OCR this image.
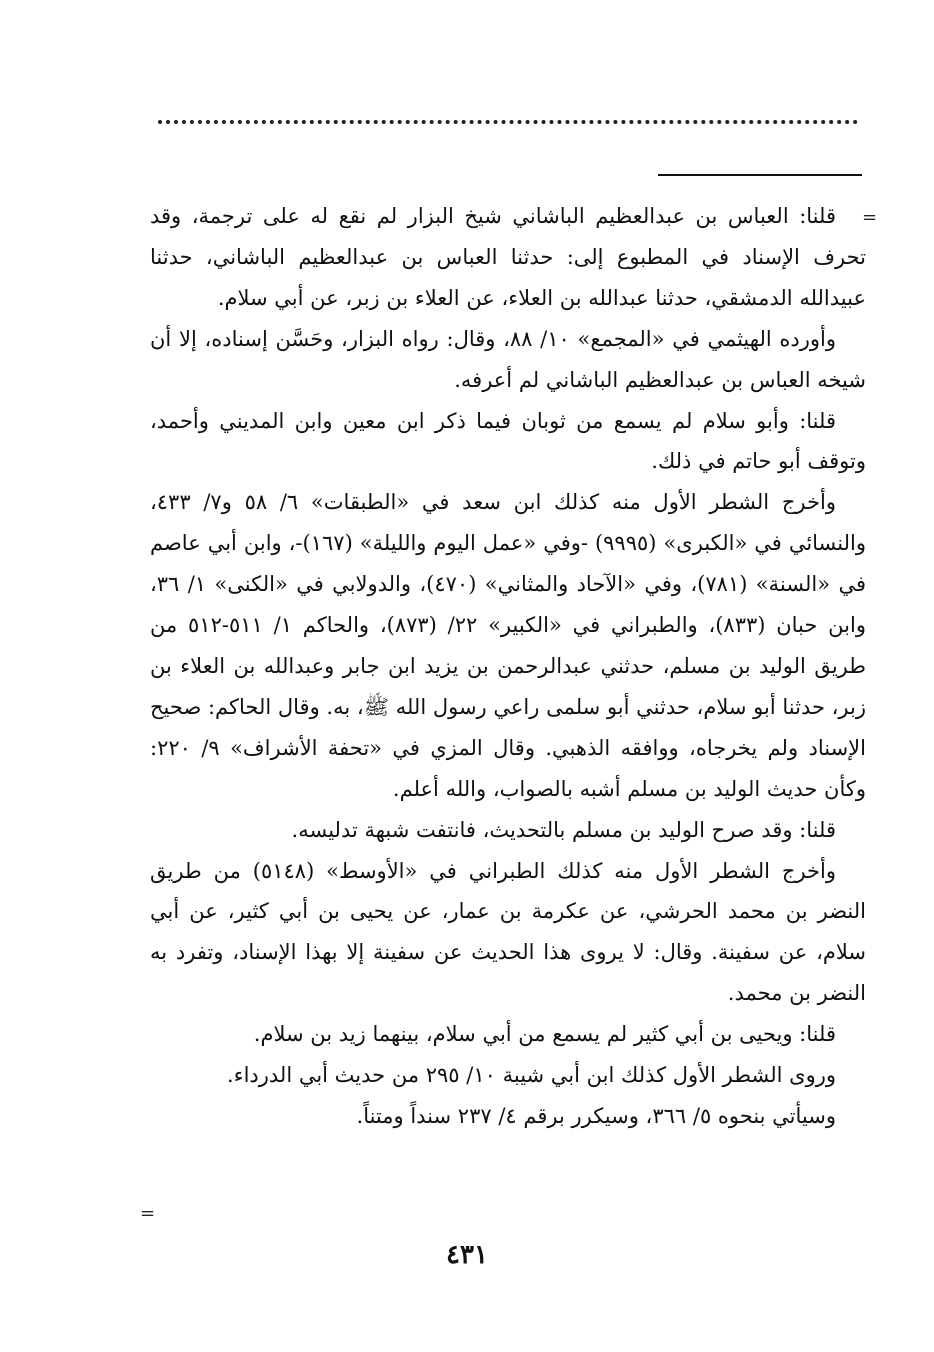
=

قلنا: العباس بن عبدالعظيم الباشاني شيخ البزار لم نقع له على ترجمة، وقد تحرف الإسناد في المطبوع إلى: حدثنا العباس بن عبدالعظيم الباشاني، حدثنا عبيدالله الدمشقي، حدثنا عبدالله بن العلاء، عن العلاء بن زبر، عن أبي سلام.

وأورده الهيثمي في «المجمع» ١٠/ ٨٨، وقال: رواه البزار، وحَسَّن إسناده، إلا أن شيخه العباس بن عبدالعظيم الباشاني لم أعرفه.

قلنا: وأبو سلام لم يسمع من ثوبان فيما ذكر ابن معين وابن المديني وأحمد، وتوقف أبو حاتم في ذلك.

وأخرج الشطر الأول منه كذلك ابن سعد في «الطبقات» ٦/ ٥٨ و٧/ ٤٣٣، والنسائي في «الكبرى» (٩٩٩٥) -وفي «عمل اليوم والليلة» (١٦٧)-، وابن أبي عاصم في «السنة» (٧٨١)، وفي «الآحاد والمثاني» (٤٧٠)، والدولابي في «الكنى» ١/ ٣٦، وابن حبان (٨٣٣)، والطبراني في «الكبير» ٢٢/ (٨٧٣)، والحاكم ١/ ٥١١-٥١٢ من طريق الوليد بن مسلم، حدثني عبدالرحمن بن يزيد ابن جابر وعبدالله بن العلاء بن زبر، حدثنا أبو سلام، حدثني أبو سلمى راعي رسول الله ﷺ، به. وقال الحاكم: صحيح الإسناد ولم يخرجاه، ووافقه الذهبي. وقال المزي في «تحفة الأشراف» ٩/ ٢٢٠: وكأن حديث الوليد بن مسلم أشبه بالصواب، والله أعلم.

قلنا: وقد صرح الوليد بن مسلم بالتحديث، فانتفت شبهة تدليسه.

وأخرج الشطر الأول منه كذلك الطبراني في «الأوسط» (٥١٤٨) من طريق النضر بن محمد الحرشي، عن عكرمة بن عمار، عن يحيى بن أبي كثير، عن أبي سلام، عن سفينة. وقال: لا يروى هذا الحديث عن سفينة إلا بهذا الإسناد، وتفرد به النضر بن محمد.

قلنا: ويحيى بن أبي كثير لم يسمع من أبي سلام، بينهما زيد بن سلام.

وروى الشطر الأول كذلك ابن أبي شيبة ١٠/ ٢٩٥ من حديث أبي الدرداء.

وسيأتي بنحوه ٥/ ٣٦٦، وسيكرر برقم ٤/ ٢٣٧ سنداً ومتناً.

=
٤٣١
